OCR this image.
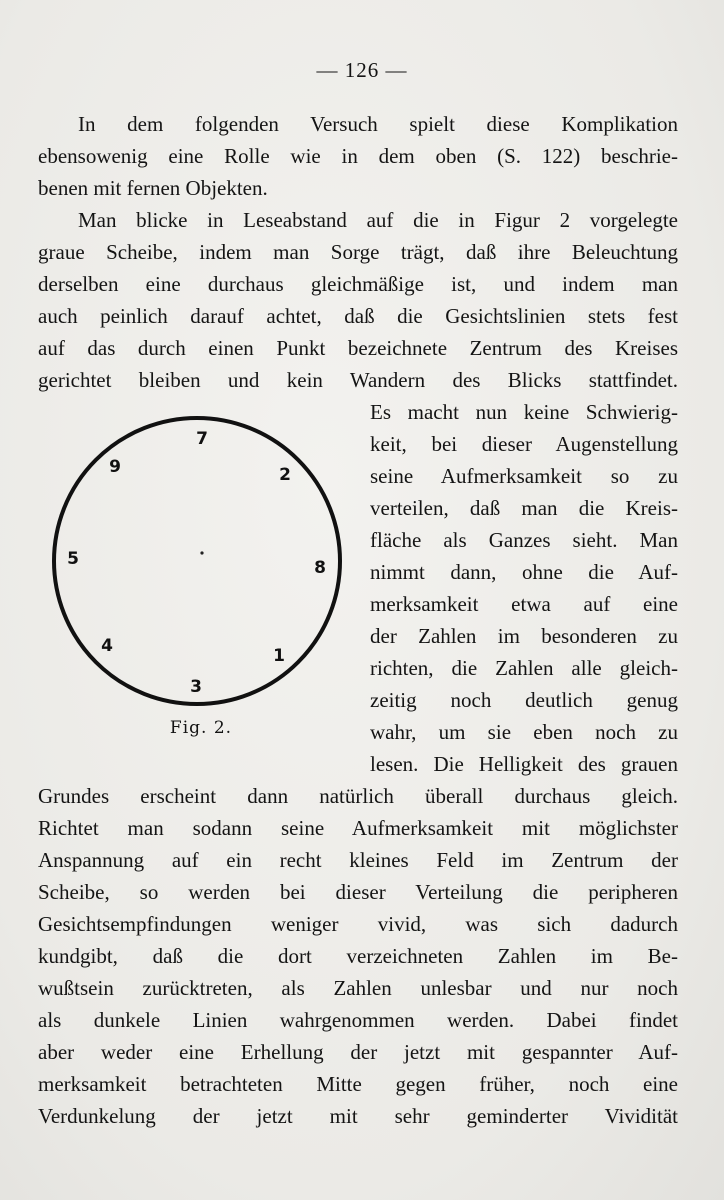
— 126 —
In dem folgenden Versuch spielt diese Komplikation
ebensowenig eine Rolle wie in dem oben (S. 122) beschrie-
benen mit fernen Objekten.
Man blicke in Leseabstand auf die in Figur 2 vorgelegte
graue Scheibe, indem man Sorge trägt, daß ihre Beleuchtung
derselben eine durchaus gleichmäßige ist, und indem man
auch peinlich darauf achtet, daß die Gesichtslinien stets fest
auf das durch einen Punkt bezeichnete Zentrum des Kreises
gerichtet bleiben und kein Wandern des Blicks stattfindet.
Es macht nun keine Schwierig-
keit, bei dieser Augenstellung
seine Aufmerksamkeit so zu
verteilen, daß man die Kreis-
fläche als Ganzes sieht. Man
nimmt dann, ohne die Auf-
merksamkeit etwa auf eine
der Zahlen im besonderen zu
richten, die Zahlen alle gleich-
zeitig noch deutlich genug
wahr, um sie eben noch zu
lesen. Die Helligkeit des grauen
Grundes erscheint dann natürlich überall durchaus gleich.
Richtet man sodann seine Aufmerksamkeit mit möglichster
Anspannung auf ein recht kleines Feld im Zentrum der
Scheibe, so werden bei dieser Verteilung die peripheren
Gesichtsempfindungen weniger vivid, was sich dadurch
kundgibt, daß die dort verzeichneten Zahlen im Be-
wußtsein zurücktreten, als Zahlen unlesbar und nur noch
als dunkele Linien wahrgenommen werden. Dabei findet
aber weder eine Erhellung der jetzt mit gespannter Auf-
merksamkeit betrachteten Mitte gegen früher, noch eine
Verdunkelung der jetzt mit sehr geminderter Vividität
7
9	2
5	8
4	1
3
Fig. 2.
